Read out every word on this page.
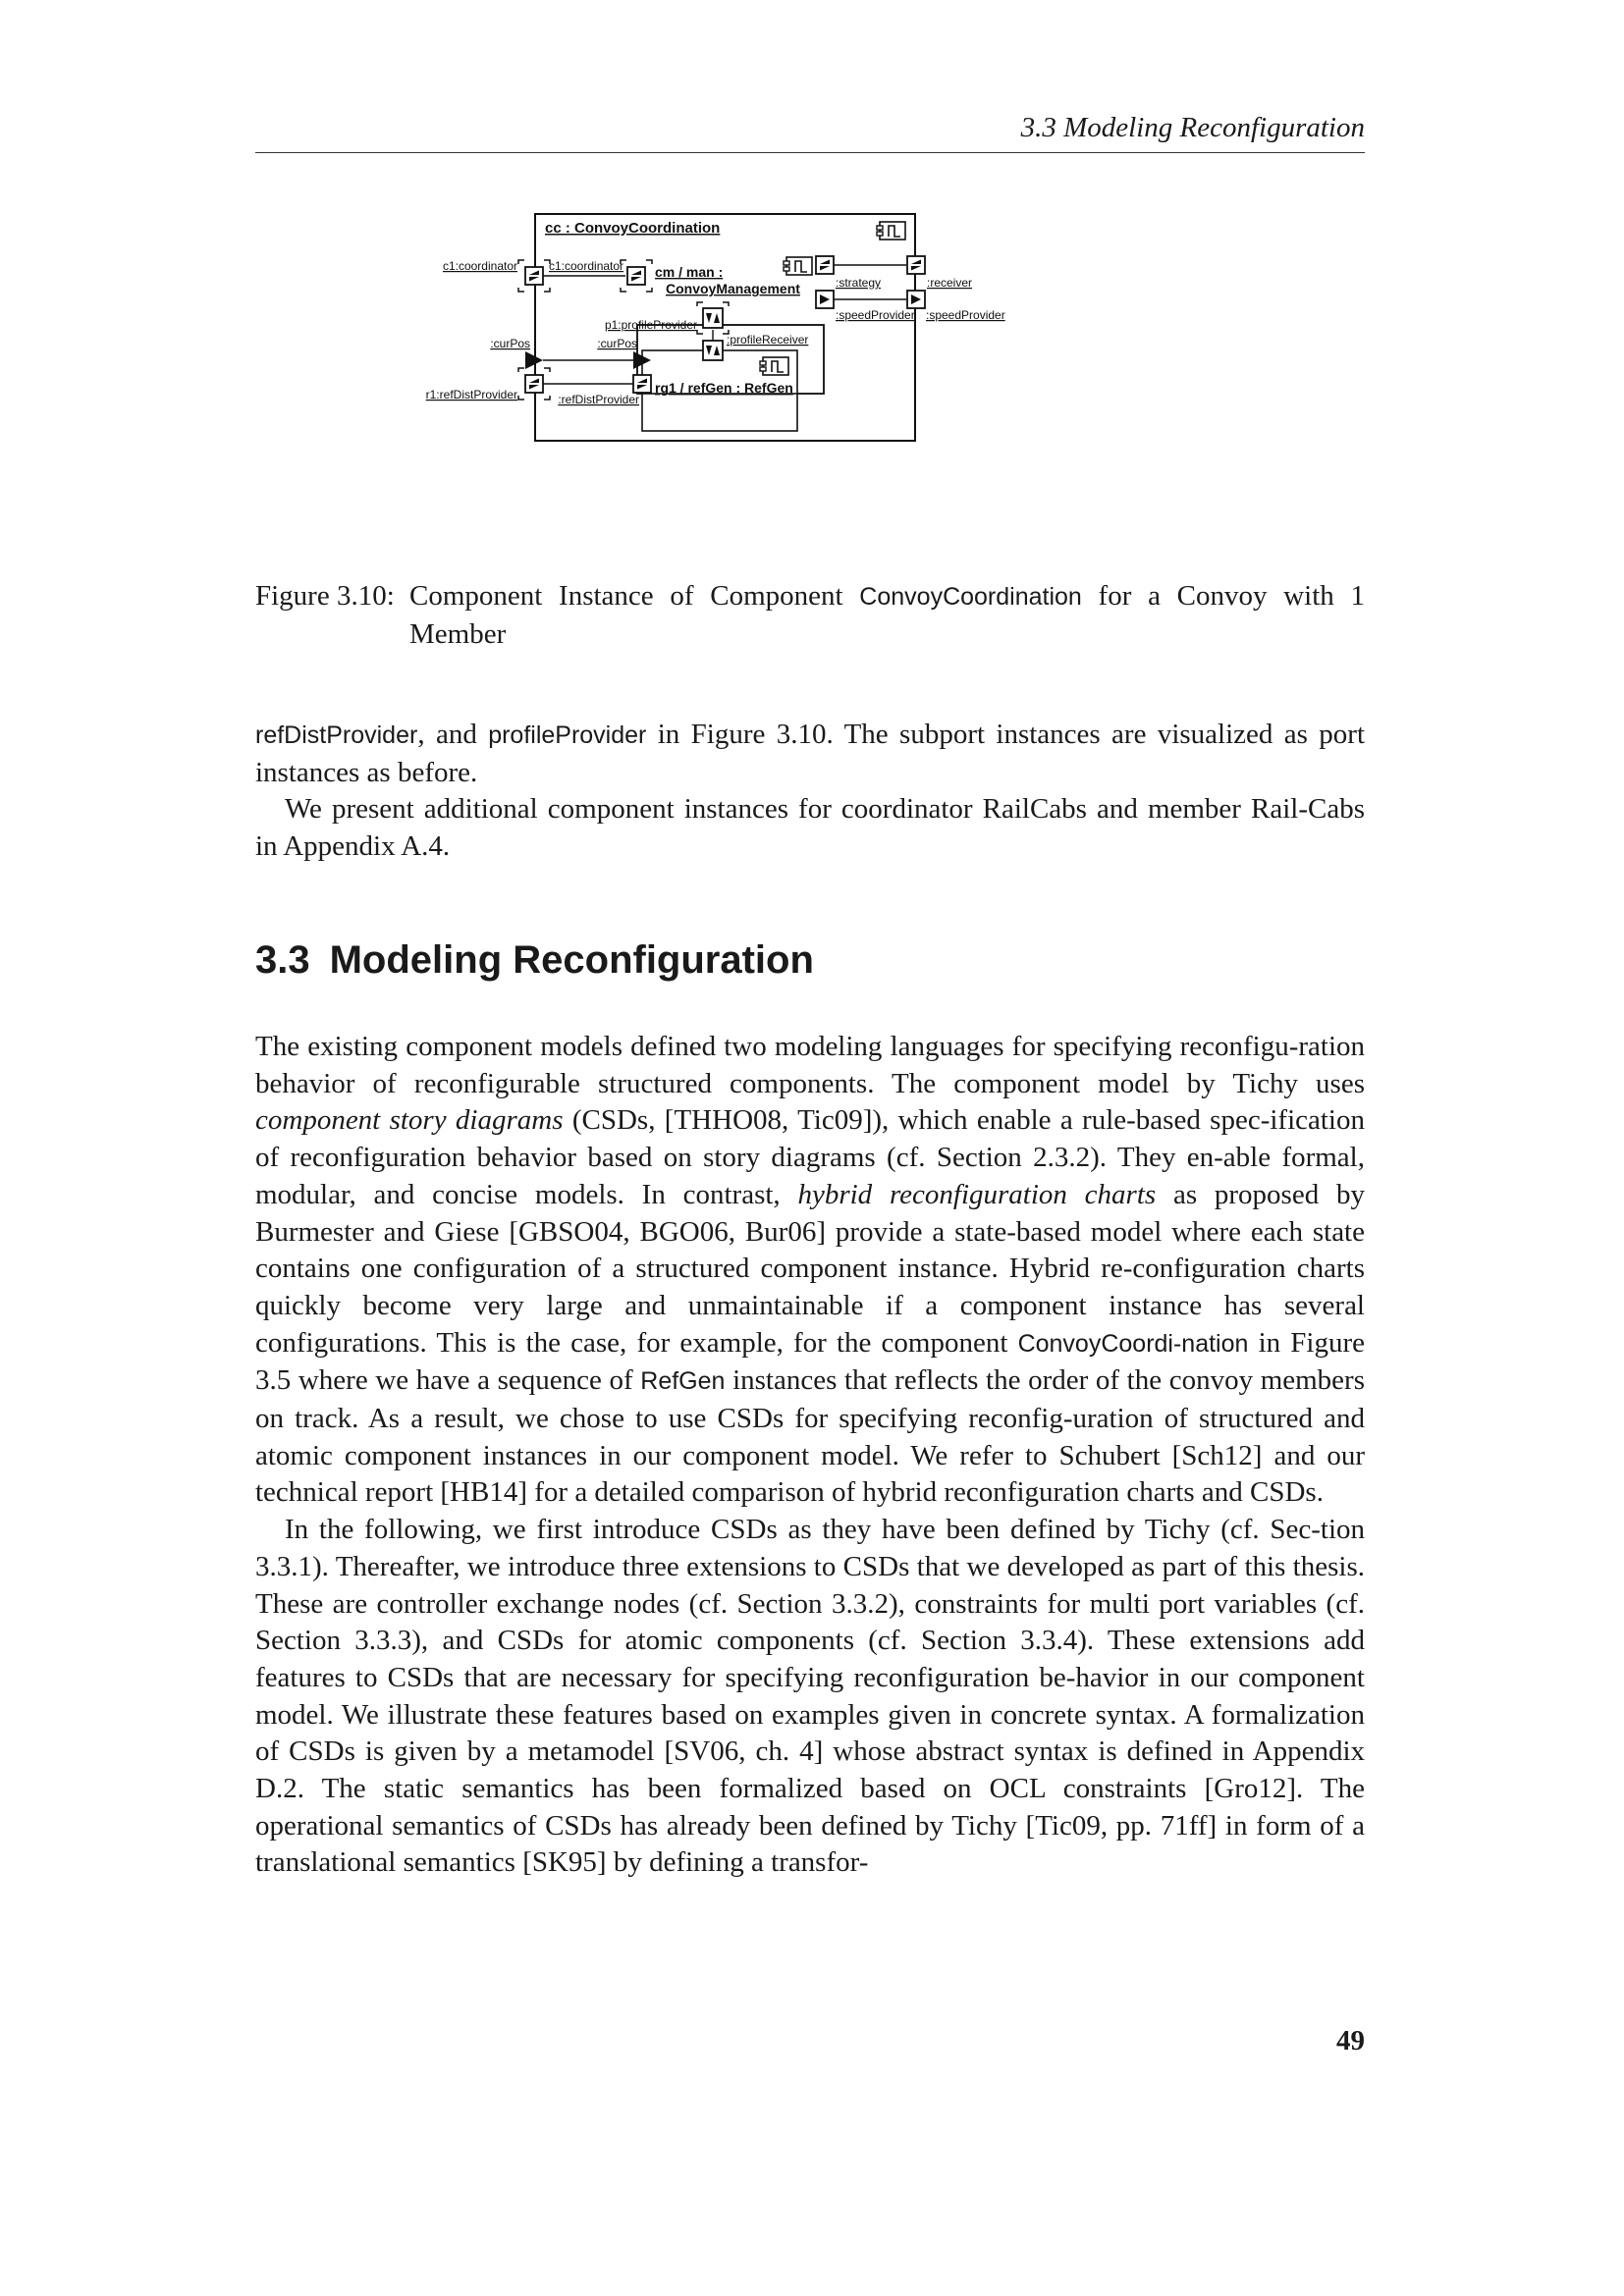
3.3 Modeling Reconfiguration
cc : ConvoyCoordination
cm / man :
ConvoyManagement
rg1 / refGen : RefGen
c1:coordinator	c1:coordinator
:strategy	:receiver
:speedProvider :speedProvider
p1:profileProvider
:profileReceiver
:curPos	:curPos
r1:refDistProvider	:refDistProvider
Figure 3.10: Component Instance of Component ConvoyCoordination for a Convoy with 1 Member

refDistProvider, and profileProvider in Figure 3.10. The subport instances are visualized as port instances as before.

We present additional component instances for coordinator RailCabs and member Rail-Cabs in Appendix A.4.

3.3 Modeling Reconfiguration

The existing component models defined two modeling languages for specifying reconfigu-ration behavior of reconfigurable structured components. The component model by Tichy uses component story diagrams (CSDs, [THHO08, Tic09]), which enable a rule-based spec-ification of reconfiguration behavior based on story diagrams (cf. Section 2.3.2). They en-able formal, modular, and concise models. In contrast, hybrid reconfiguration charts as proposed by Burmester and Giese [GBSO04, BGO06, Bur06] provide a state-based model where each state contains one configuration of a structured component instance. Hybrid re-configuration charts quickly become very large and unmaintainable if a component instance has several configurations. This is the case, for example, for the component ConvoyCoordi-nation in Figure 3.5 where we have a sequence of RefGen instances that reflects the order of the convoy members on track. As a result, we chose to use CSDs for specifying reconfig-uration of structured and atomic component instances in our component model. We refer to Schubert [Sch12] and our technical report [HB14] for a detailed comparison of hybrid reconfiguration charts and CSDs.

In the following, we first introduce CSDs as they have been defined by Tichy (cf. Sec-tion 3.3.1). Thereafter, we introduce three extensions to CSDs that we developed as part of this thesis. These are controller exchange nodes (cf. Section 3.3.2), constraints for multi port variables (cf. Section 3.3.3), and CSDs for atomic components (cf. Section 3.3.4). These extensions add features to CSDs that are necessary for specifying reconfiguration be-havior in our component model. We illustrate these features based on examples given in concrete syntax. A formalization of CSDs is given by a metamodel [SV06, ch. 4] whose abstract syntax is defined in Appendix D.2. The static semantics has been formalized based on OCL constraints [Gro12]. The operational semantics of CSDs has already been defined by Tichy [Tic09, pp. 71ff] in form of a translational semantics [SK95] by defining a transfor-

49
